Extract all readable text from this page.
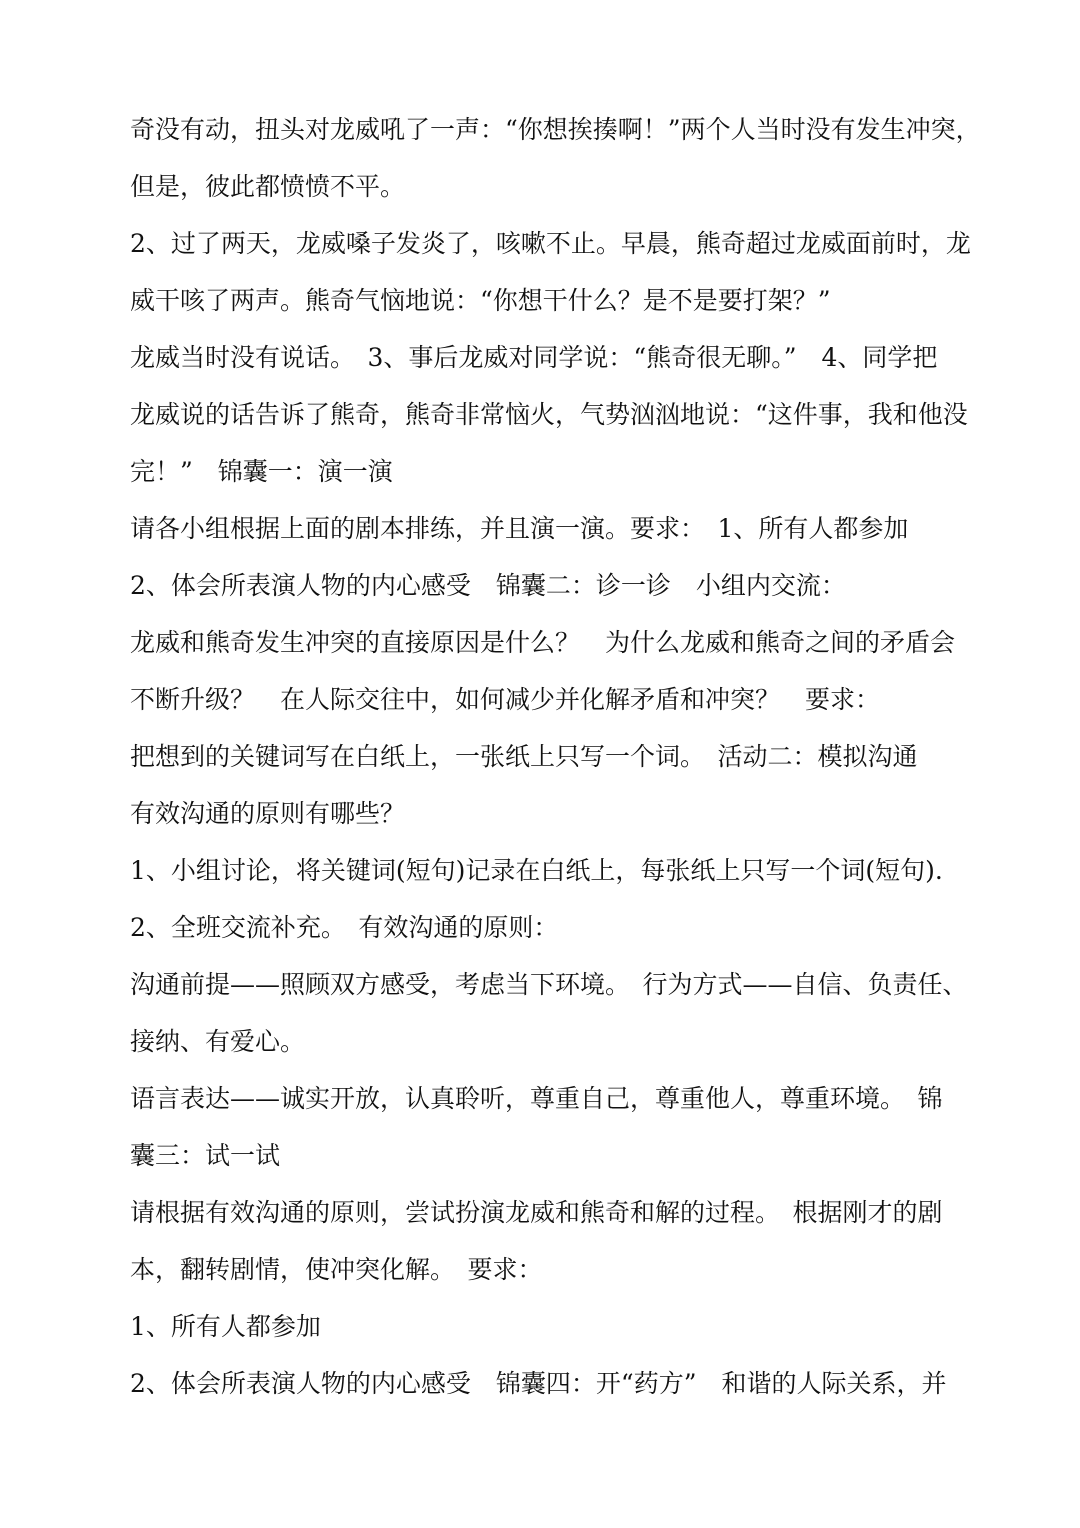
奇没有动，扭头对龙威吼了一声：“你想挨揍啊！”两个人当时没有发生冲突，
但是，彼此都愤愤不平。
2、过了两天，龙威嗓子发炎了，咳嗽不止。早晨，熊奇超过龙威面前时，龙
威干咳了两声。熊奇气恼地说：“你想干什么？是不是要打架？”
龙威当时没有说话。　3、事后龙威对同学说：“熊奇很无聊。”　4、同学把
龙威说的话告诉了熊奇，熊奇非常恼火，气势汹汹地说：“这件事，我和他没
完！”　锦囊一：演一演
请各小组根据上面的剧本排练，并且演一演。要求：　1、所有人都参加
2、体会所表演人物的内心感受　锦囊二：诊一诊　小组内交流：
龙威和熊奇发生冲突的直接原因是什么？　为什么龙威和熊奇之间的矛盾会
不断升级？　在人际交往中，如何减少并化解矛盾和冲突？　要求：
把想到的关键词写在白纸上，一张纸上只写一个词。　活动二：模拟沟通
有效沟通的原则有哪些？
1、小组讨论，将关键词(短句)记录在白纸上，每张纸上只写一个词(短句).
2、全班交流补充。　有效沟通的原则：
沟通前提——照顾双方感受，考虑当下环境。　行为方式——自信、负责任、
接纳、有爱心。
语言表达——诚实开放，认真聆听，尊重自己，尊重他人，尊重环境。　锦
囊三：试一试
请根据有效沟通的原则，尝试扮演龙威和熊奇和解的过程。　根据刚才的剧
本，翻转剧情，使冲突化解。　要求：
1、所有人都参加
2、体会所表演人物的内心感受　锦囊四：开“药方”　和谐的人际关系，并
